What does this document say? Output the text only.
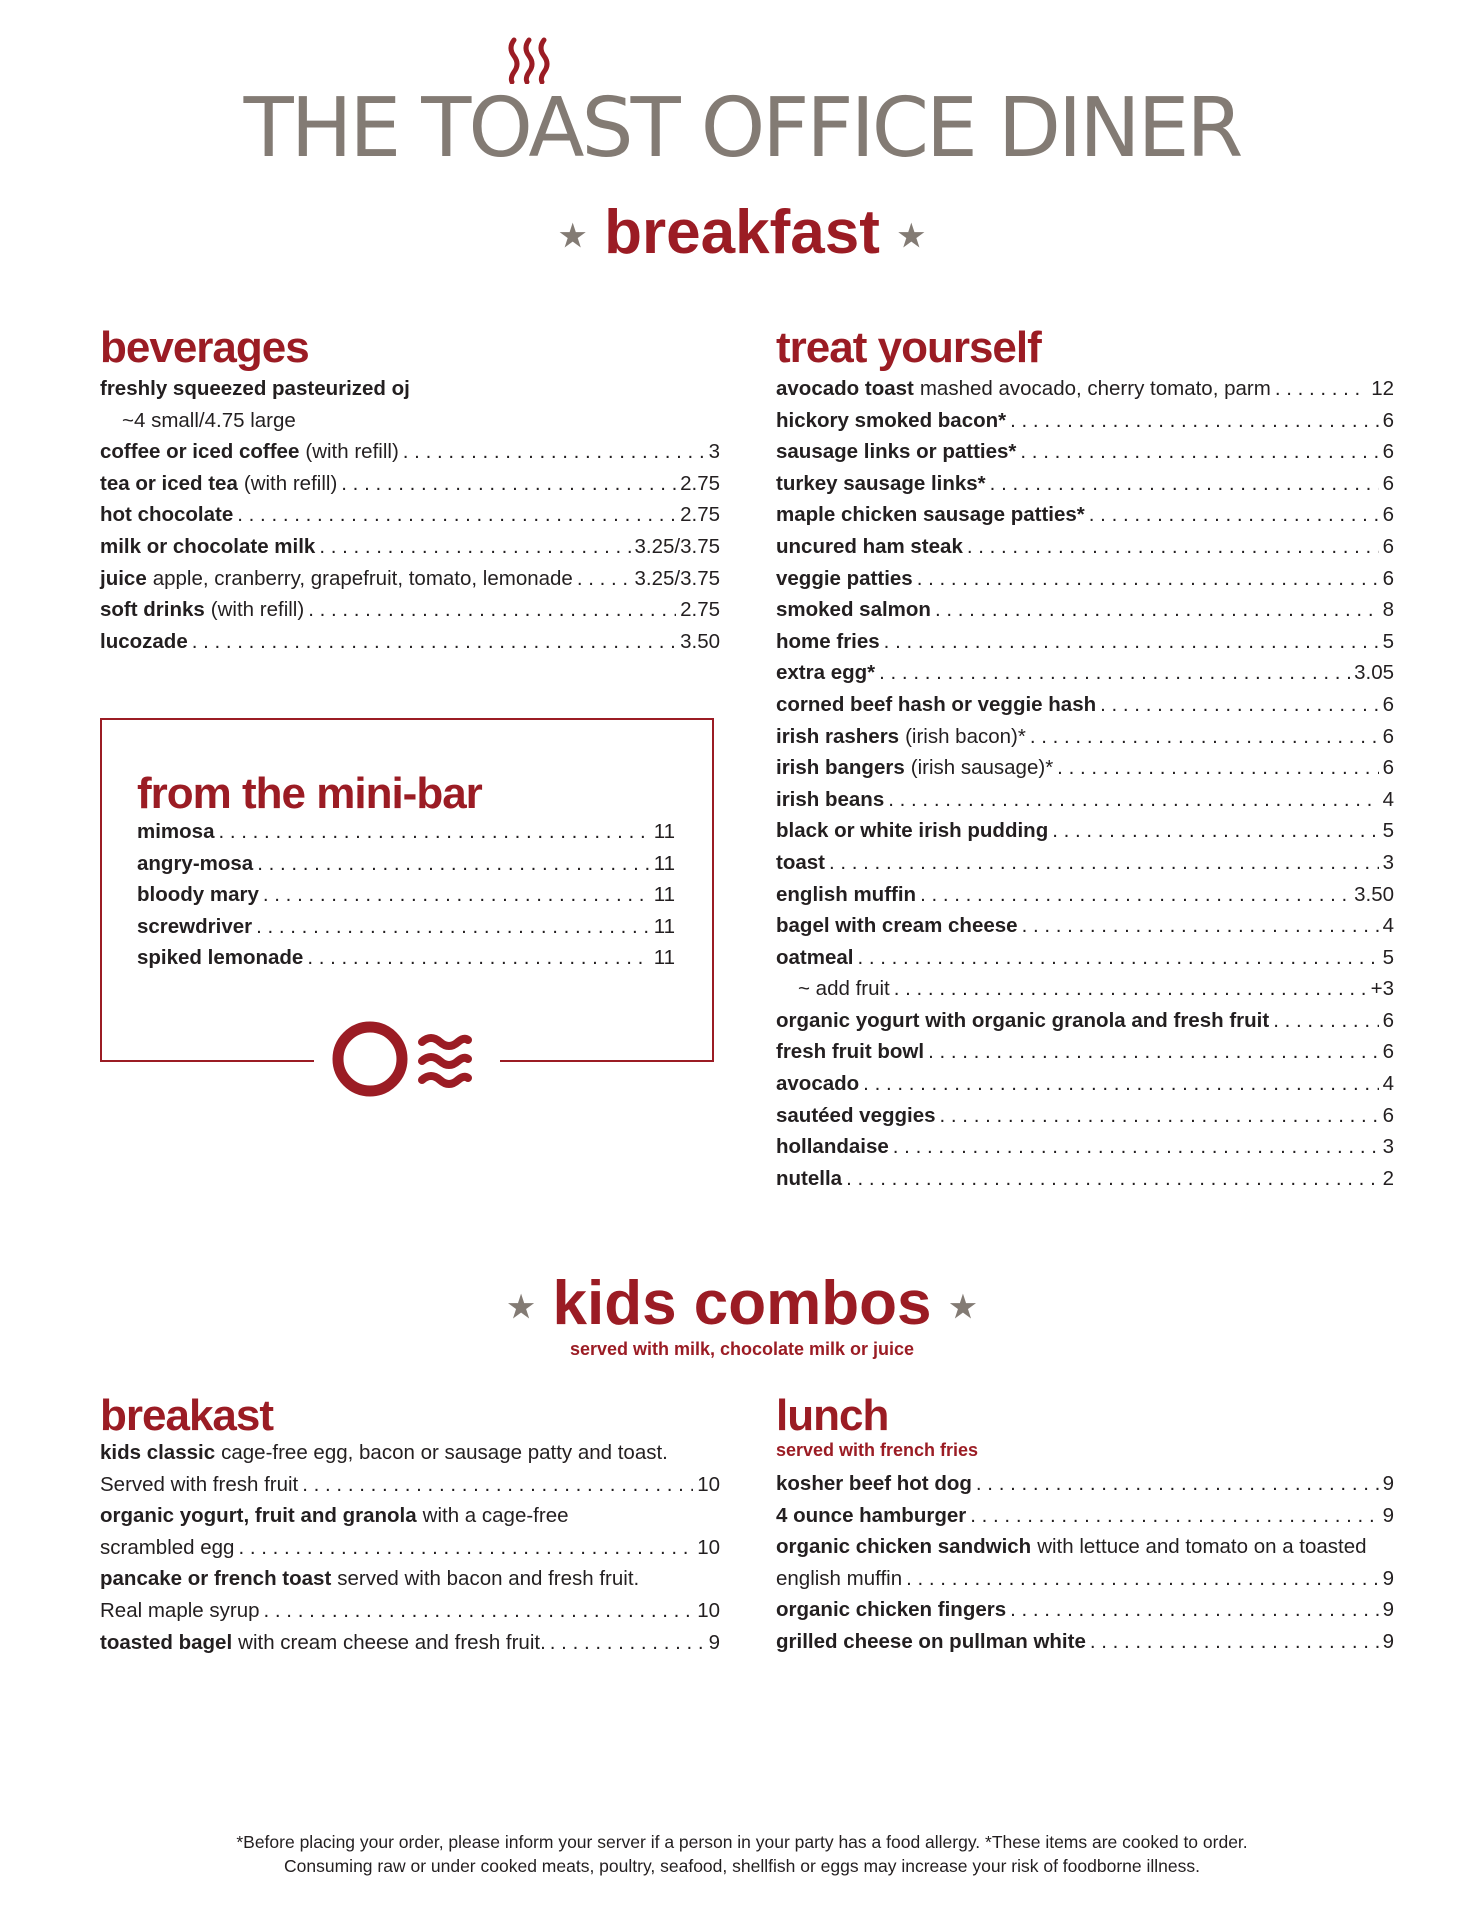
THE TOAST OFFICE DINER
★ breakfast ★
beverages
freshly squeezed pasteurized oj
~4 small/4.75 large
coffee or iced coffee (with refill) . . .	3
tea or iced tea (with refill) . . .	2.75
hot chocolate . . .	2.75
milk or chocolate milk . . .	3.25/3.75
juice apple, cranberry, grapefruit, tomato, lemonade . . .	3.25/3.75
soft drinks (with refill) . . .	2.75
lucozade . . .	3.50
from the mini-bar
mimosa . . .	11
angry-mosa . . .	11
bloody mary . . .	11
screwdriver . . .	11
spiked lemonade . . .	11
treat yourself
avocado toast mashed avocado, cherry tomato, parm . . .	12
hickory smoked bacon* . . .	6
sausage links or patties* . . .	6
turkey sausage links* . . .	6
maple chicken sausage patties* . . .	6
uncured ham steak . . .	6
veggie patties . . .	6
smoked salmon . . .	8
home fries . . .	5
extra egg* . . .	3.05
corned beef hash or veggie hash . . .	6
irish rashers (irish bacon)* . . .	6
irish bangers (irish sausage)* . . .	6
irish beans . . .	4
black or white irish pudding . . .	5
toast . . .	3
english muffin . . .	3.50
bagel with cream cheese . . .	4
oatmeal . . .	5
~ add fruit . . .	+3
organic yogurt with organic granola and fresh fruit . . .	6
fresh fruit bowl . . .	6
avocado . . .	4
sautéed veggies . . .	6
hollandaise . . .	3
nutella . . .	2
★ kids combos ★
served with milk, chocolate milk or juice
breakast
kids classic cage-free egg, bacon or sausage patty and toast.
Served with fresh fruit . . .	10
organic yogurt, fruit and granola with a cage-free
scrambled egg . . .	10
pancake or french toast served with bacon and fresh fruit.
Real maple syrup . . .	10
toasted bagel with cream cheese and fresh fruit. . . .	9
lunch
served with french fries
kosher beef hot dog . . .	9
4 ounce hamburger . . .	9
organic chicken sandwich with lettuce and tomato on a toasted
english muffin . . .	9
organic chicken fingers . . .	9
grilled cheese on pullman white . . .	9
*Before placing your order, please inform your server if a person in your party has a food allergy. *These items are cooked to order.
Consuming raw or under cooked meats, poultry, seafood, shellfish or eggs may increase your risk of foodborne illness.
